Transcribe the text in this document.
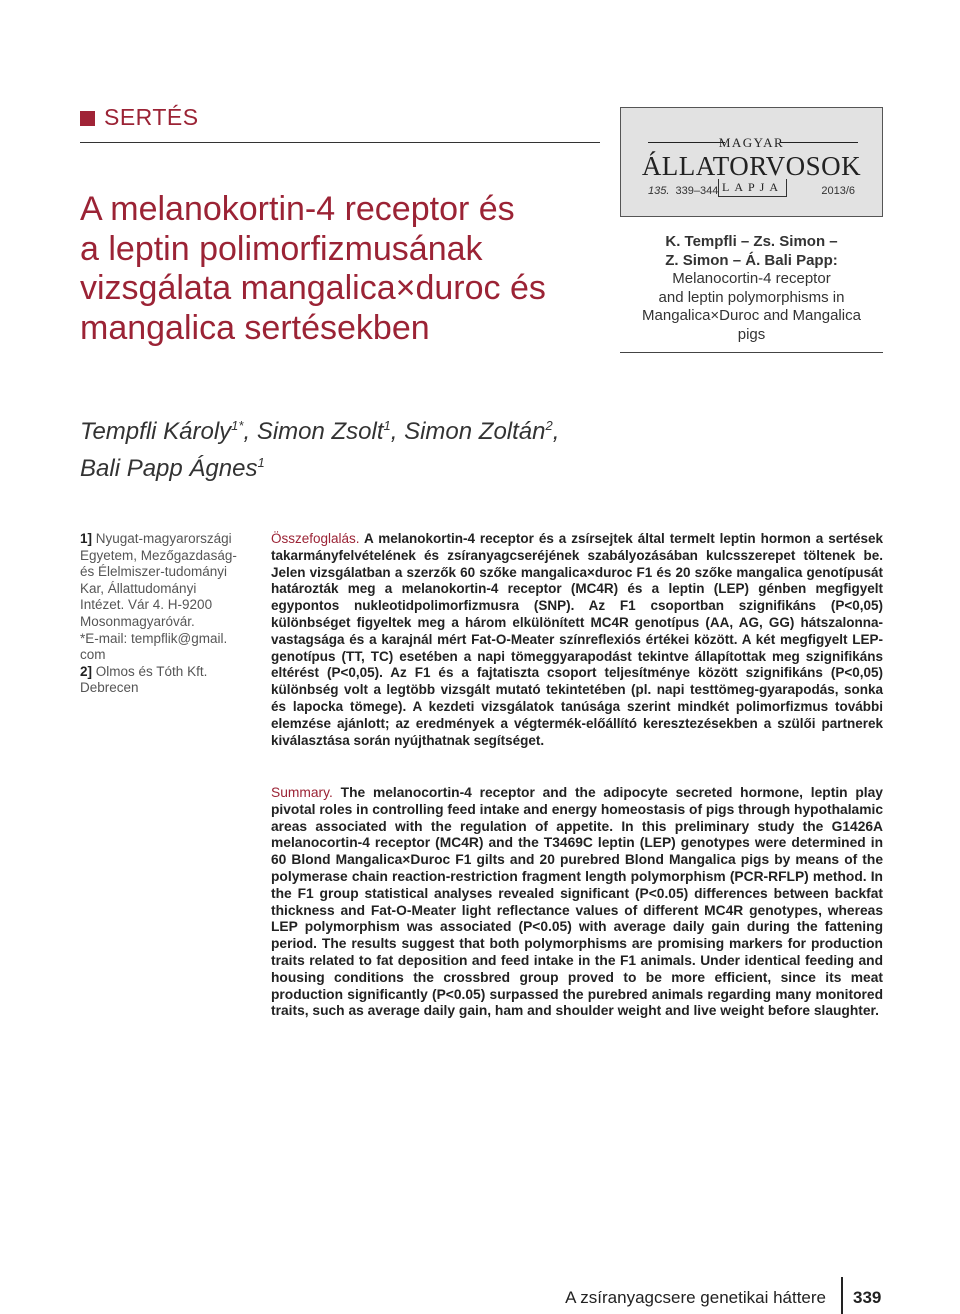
SERTÉS
A melanokortin-4 receptor és
a leptin polimorfizmusának
vizsgálata mangalica×duroc és
mangalica sertésekben
MAGYAR
ÁLLATORVOSOK
135. 339–344 LAPJA	2013/6
K. Tempfli – Zs. Simon –
Z. Simon – Á. Bali Papp:
Melanocortin-4 receptor
and leptin polymorphisms in
Mangalica×Duroc and Mangalica
pigs
Tempfli Károly$^{1*}$, Simon Zsolt$^1$, Simon Zoltán$^2$,
Bali Papp Ágnes$^1$
1] Nyugat-magyarországi
Egyetem, Mezőgazdaság-
és Élelmiszer-tudományi
Kar, Állattudományi
Intézet. Vár 4. H-9200
Mosonmagyaróvár.
*E-mail: tempflik@gmail.
com
2] Olmos és Tóth Kft.
Debrecen

Összefoglalás. A melanokortin-4 receptor és a zsírsejtek által termelt leptin hormon a sertések takarmányfelvételének és zsíranyagcseréjének szabályozásában kulcsszerepet töltenek be. Jelen vizsgálatban a szerzők 60 szőke mangalica×duroc F1 és 20 szőke mangalica genotípusát határozták meg a melanokortin-4 receptor (MC4R) és a leptin (LEP) génben megfigyelt egypontos nukleotidpolimorfizmusra (SNP). Az F1 csoportban szignifikáns (P<0,05) különbséget figyeltek meg a három elkülönített MC4R genotípus (AA, AG, GG) hátszalonna-vastagsága és a karajnál mért Fat-O-Meater színreflexiós értékei között. A két megfigyelt LEP-genotípus (TT, TC) esetében a napi tömeggyarapodást tekintve állapítottak meg szignifikáns eltérést (P<0,05). Az F1 és a fajtatiszta csoport teljesítménye között szignifikáns (P<0,05) különbség volt a legtöbb vizsgált mutató tekintetében (pl. napi testtömeg-gyarapodás, sonka és lapocka tömege). A kezdeti vizsgálatok tanúsága szerint mindkét polimorfizmus további elemzése ajánlott; az eredmények a végtermék-előállító keresztezésekben a szülői partnerek kiválasztása során nyújthatnak segítséget.

Summary. The melanocortin-4 receptor and the adipocyte secreted hormone, leptin play pivotal roles in controlling feed intake and energy homeostasis of pigs through hypothalamic areas associated with the regulation of appetite. In this preliminary study the G1426A melanocortin-4 receptor (MC4R) and the T3469C leptin (LEP) genotypes were determined in 60 Blond Mangalica×Duroc F1 gilts and 20 purebred Blond Mangalica pigs by means of the polymerase chain reaction-restriction fragment length polymorphism (PCR-RFLP) method. In the F1 group statistical analyses revealed significant (P<0.05) differences between backfat thickness and Fat-O-Meater light reflectance values of different MC4R genotypes, whereas LEP polymorphism was associated (P<0.05) with average daily gain during the fattening period. The results suggest that both polymorphisms are promising markers for production traits related to fat deposition and feed intake in the F1 animals. Under identical feeding and housing conditions the crossbred group proved to be more efficient, since its meat production significantly (P<0.05) surpassed the purebred animals regarding many monitored traits, such as average daily gain, ham and shoulder weight and live weight before slaughter.

A zsíranyagcsere genetikai háttere 339
